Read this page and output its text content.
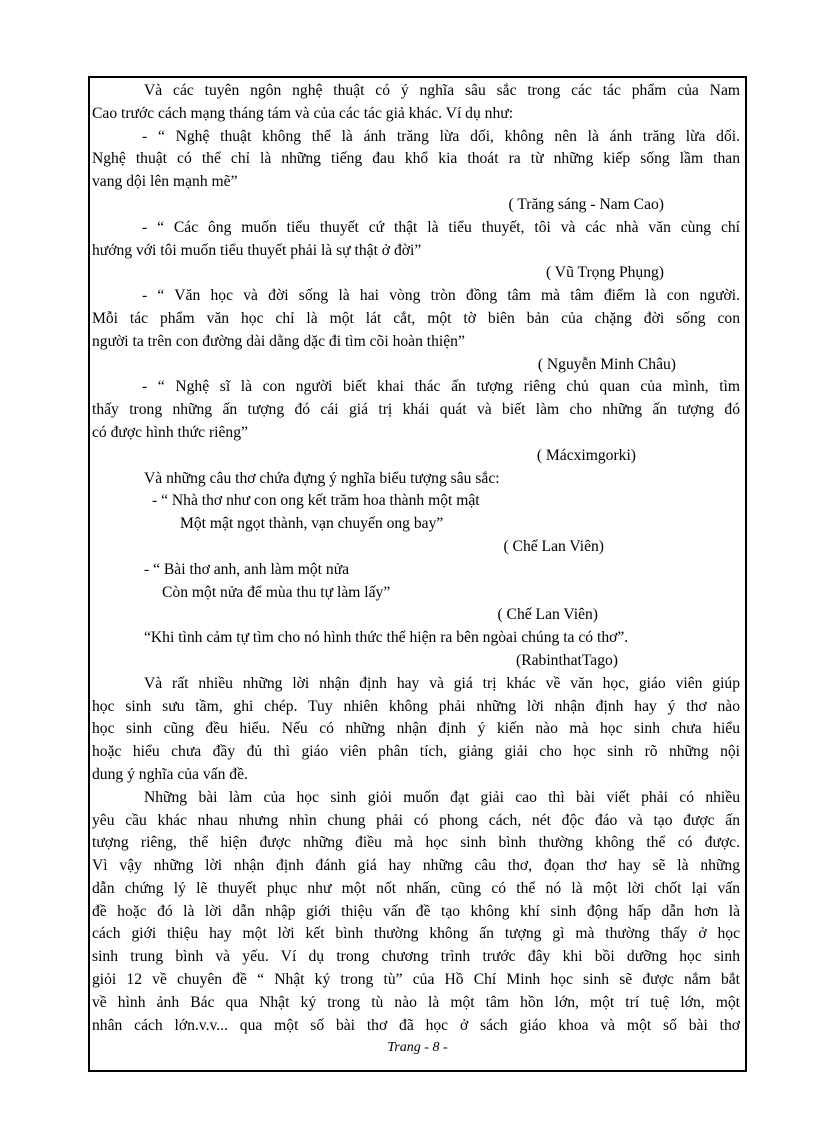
Và các tuyên ngôn nghệ thuật có ý nghĩa sâu sắc trong các tác phẩm của Nam
Cao trước cách mạng tháng tám và của các tác giả khác. Ví dụ như:
- “ Nghệ thuật không thể là ánh trăng lừa dối, không nên là ánh trăng lừa dối.
Nghệ thuật có thể chỉ là những tiếng đau khổ kia thoát ra từ những kiếp sống lầm than
vang dội lên mạnh mẽ”
( Trăng sáng - Nam Cao)
- “ Các ông muốn tiểu thuyết cứ thật là tiểu thuyết, tôi và các nhà văn cùng chí
hướng với tôi muốn tiểu thuyết phải là sự thật ở đời”
( Vũ Trọng Phụng)
- “ Văn học và đời sống là hai vòng tròn đồng tâm mà tâm điểm là con người.
Mỗi tác phẩm văn học chỉ là một lát cắt, một tờ biên bản của chặng đời sống con
người ta trên con đường dài dằng dặc đi tìm cõi hoàn thiện”
( Nguyễn Minh Châu)
- “ Nghệ sĩ là con người biết khai thác ấn tượng riêng chủ quan của mình, tìm
thấy trong những ấn tượng đó cái giá trị khái quát và biết làm cho những ấn tượng đó
có được hình thức riêng”
( Mácximgorki)
Và những câu thơ chứa đựng ý nghĩa biểu tượng sâu sắc:
- “ Nhà thơ như con ong kết trăm hoa thành một mật
Một mật ngọt thành, vạn chuyến ong bay”
( Chế Lan Viên)
- “ Bài thơ anh, anh làm một nửa
Còn một nửa để mùa thu tự làm lấy”
( Chế Lan Viên)
“Khi tình cảm tự tìm cho nó hình thức thể hiện ra bên ngòai chúng ta có thơ”.
(RabinthatTago)
Và rất nhiều những lời nhận định hay và giá trị khác về văn học, giáo viên giúp
học sinh sưu tầm, ghi chép. Tuy nhiên không phải những lời nhận định hay ý thơ nào
học sinh cũng đều hiểu. Nếu có những nhận định ý kiến nào mà học sinh chưa hiểu
hoặc hiểu chưa đầy đủ thì giáo viên phân tích, giảng giải cho học sinh rõ những nội
dung ý nghĩa của vấn đề.
Những bài làm của học sinh giỏi muốn đạt giải cao thì bài viết phải có nhiều
yêu cầu khác nhau nhưng nhìn chung phải có phong cách, nét độc đáo và tạo được ấn
tượng riêng, thể hiện được những điều mà học sinh bình thường không thể có được.
Vì vậy những lời nhận định đánh giá hay những câu thơ, đọan thơ hay sẽ là những
dẫn chứng lý lẽ thuyết phục như một nốt nhấn, cũng có thể nó là một lời chốt lại vấn
đề hoặc đó là lời dẫn nhập giới thiệu vấn đề tạo không khí sinh động hấp dẫn hơn là
cách giới thiệu hay một lời kết bình thường không ấn tượng gì mà thường thấy ở học
sinh trung bình và yếu. Ví dụ trong chương trình trước đây khi bồi dưỡng học sinh
giỏi 12 về chuyên đề “ Nhật ký trong tù” của Hồ Chí Minh học sinh sẽ được nắm bắt
về hình ảnh Bác qua Nhật ký trong tù nào là một tâm hồn lớn, một trí tuệ lớn, một
nhân cách lớn.v.v... qua một số bài thơ đã học ở sách giáo khoa và một số bài thơ
Trang - 8 -
